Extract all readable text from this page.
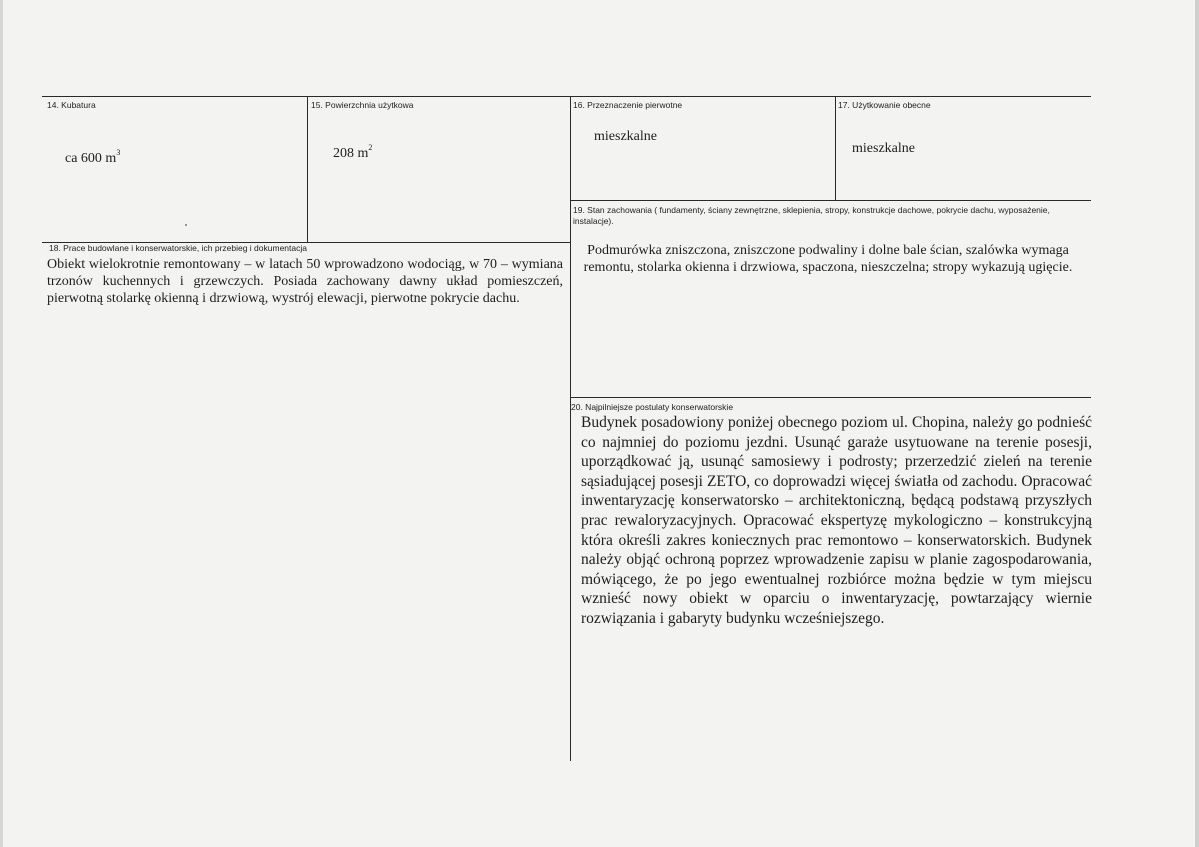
14. Kubatura
ca 600 $m^3$
15. Powierzchnia użytkowa
208 $m^2$
16. Przeznaczenie pierwotne
mieszkalne
17. Użytkowanie obecne
mieszkalne
19. Stan zachowania ( fundamenty, ściany zewnętrzne, sklepienia, stropy, konstrukcje dachowe, pokrycie dachu, wyposażenie, instalacje).
Podmurówka zniszczona, zniszczone podwaliny i dolne bale ścian, szalówka wymaga remontu, stolarka okienna i drzwiowa, spaczona, nieszczelna; stropy wykazują ugięcie.
18. Prace budowlane i konserwatorskie, ich przebieg i dokumentacja
Obiekt wielokrotnie remontowany – w latach 50 wprowadzono wodociąg, w 70 – wymiana trzonów kuchennych i grzewczych. Posiada zachowany dawny układ pomieszczeń, pierwotną stolarkę okienną i drzwiową, wystrój elewacji, pierwotne pokrycie dachu.
20. Najpilniejsze postulaty konserwatorskie
Budynek posadowiony poniżej obecnego poziom ul. Chopina, należy go podnieść co najmniej do poziomu jezdni. Usunąć garaże usytuowane na terenie posesji, uporządkować ją, usunąć samosiewy i podrosty; przerzedzić zieleń na terenie sąsiadującej posesji ZETO, co doprowadzi więcej światła od zachodu. Opracować inwentaryzację konserwatorsko – architektoniczną, będącą podstawą przyszłych prac rewaloryzacyjnych. Opracować ekspertyzę mykologiczno – konstrukcyjną która określi zakres koniecznych prac remontowo – konserwatorskich. Budynek należy objąć ochroną poprzez wprowadzenie zapisu w planie zagospodarowania, mówiącego, że po jego ewentualnej rozbiórce można będzie w tym miejscu wznieść nowy obiekt w oparciu o inwentaryzację, powtarzający wiernie rozwiązania i gabaryty budynku wcześniejszego.
